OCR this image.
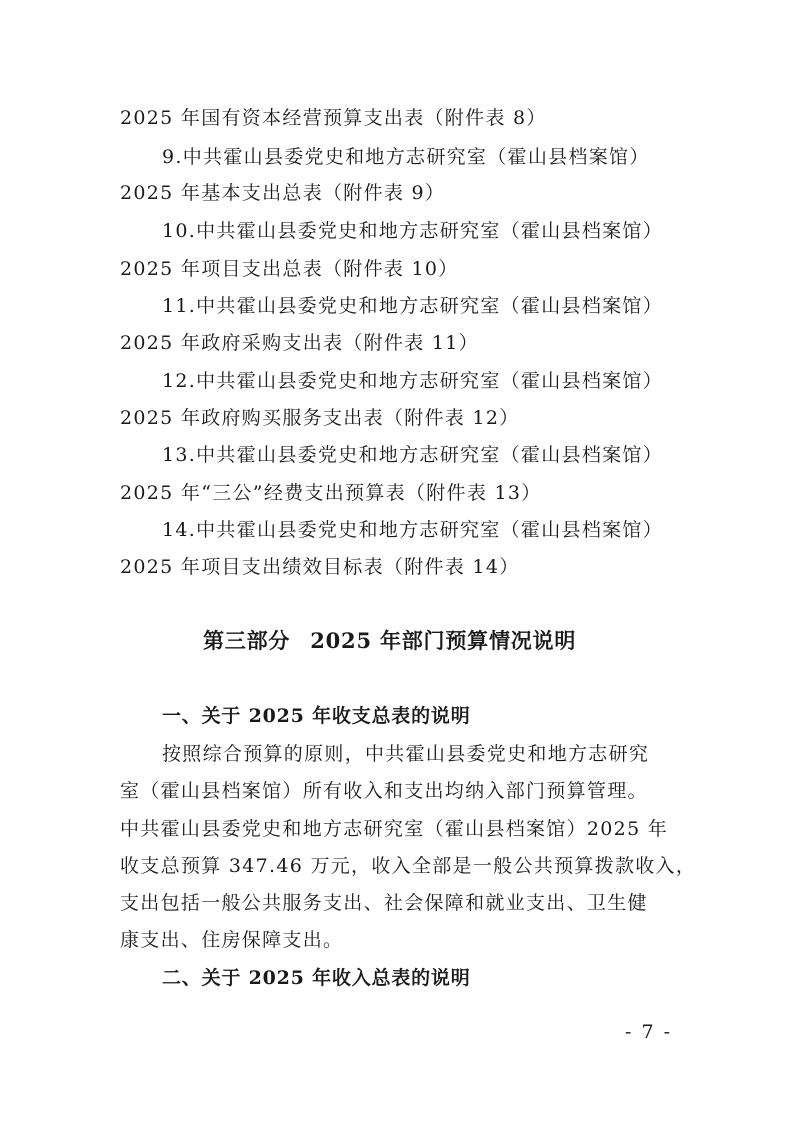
2025 年国有资本经营预算支出表（附件表 8）
9.中共霍山县委党史和地方志研究室（霍山县档案馆）
2025 年基本支出总表（附件表 9）
10.中共霍山县委党史和地方志研究室（霍山县档案馆）
2025 年项目支出总表（附件表 10）
11.中共霍山县委党史和地方志研究室（霍山县档案馆）
2025 年政府采购支出表（附件表 11）
12.中共霍山县委党史和地方志研究室（霍山县档案馆）
2025 年政府购买服务支出表（附件表 12）
13.中共霍山县委党史和地方志研究室（霍山县档案馆）
2025 年“三公”经费支出预算表（附件表 13）
14.中共霍山县委党史和地方志研究室（霍山县档案馆）
2025 年项目支出绩效目标表（附件表 14）
第三部分 2025 年部门预算情况说明
一、关于 2025 年收支总表的说明
按照综合预算的原则，中共霍山县委党史和地方志研究
室（霍山县档案馆）所有收入和支出均纳入部门预算管理。
中共霍山县委党史和地方志研究室（霍山县档案馆）2025 年
收支总预算 347.46 万元，收入全部是一般公共预算拨款收入，
支出包括一般公共服务支出、社会保障和就业支出、卫生健
康支出、住房保障支出。
二、关于 2025 年收入总表的说明
- 7 -
